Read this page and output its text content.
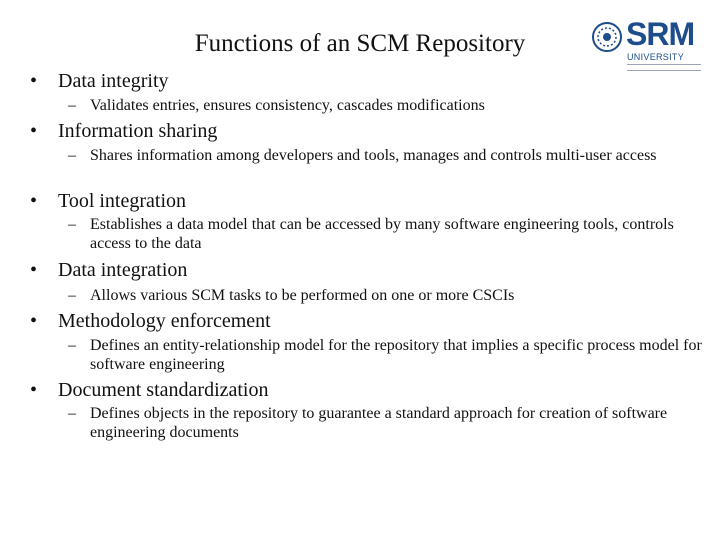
Functions of an SCM Repository	SRM
UNIVERSITY
• Data integrity
– Validates entries, ensures consistency, cascades modifications
• Information sharing
– Shares information among developers and tools, manages and controls multi-user access
• Tool integration
– Establishes a data model that can be accessed by many software engineering tools, controls access to the data
• Data integration
– Allows various SCM tasks to be performed on one or more CSCIs
• Methodology enforcement
– Defines an entity-relationship model for the repository that implies a specific process model for software engineering
• Document standardization
– Defines objects in the repository to guarantee a standard approach for creation of software engineering documents
